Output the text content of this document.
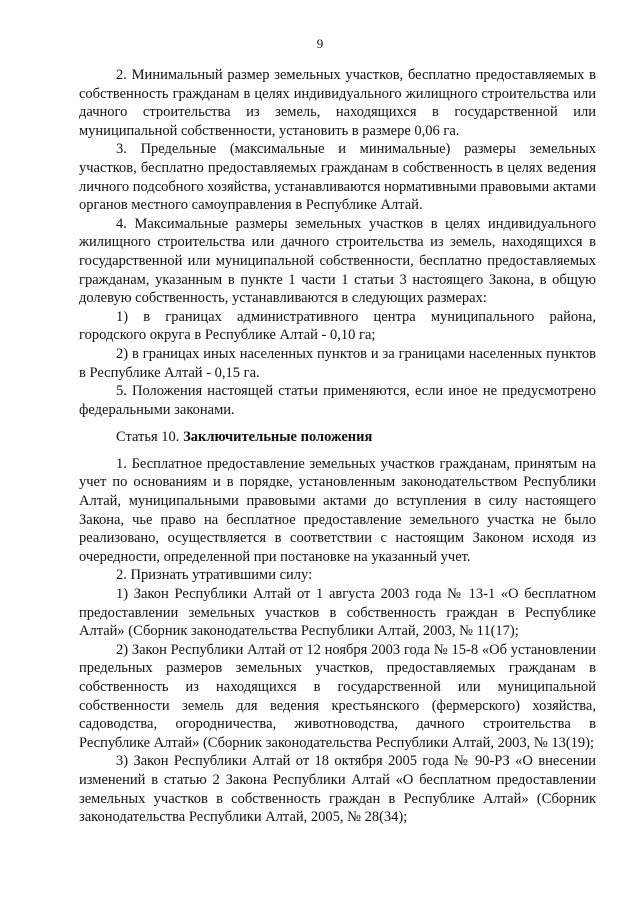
9

2. Минимальный размер земельных участков, бесплатно предоставляемых в собственность гражданам в целях индивидуального жилищного строительства или дачного строительства из земель, находящихся в государственной или муниципальной собственности, установить в размере 0,06 га.

3. Предельные (максимальные и минимальные) размеры земельных участков, бесплатно предоставляемых гражданам в собственность в целях ведения личного подсобного хозяйства, устанавливаются нормативными правовыми актами органов местного самоуправления в Республике Алтай.

4. Максимальные размеры земельных участков в целях индивидуального жилищного строительства или дачного строительства из земель, находящихся в государственной или муниципальной собственности, бесплатно предоставляемых гражданам, указанным в пункте 1 части 1 статьи 3 настоящего Закона, в общую долевую собственность, устанавливаются в следующих размерах:

1) в границах административного центра муниципального района, городского округа в Республике Алтай - 0,10 га;

2) в границах иных населенных пунктов и за границами населенных пунктов в Республике Алтай - 0,15 га.

5. Положения настоящей статьи применяются, если иное не предусмотрено федеральными законами.

Статья 10. Заключительные положения

1. Бесплатное предоставление земельных участков гражданам, принятым на учет по основаниям и в порядке, установленным законодательством Республики Алтай, муниципальными правовыми актами до вступления в силу настоящего Закона, чье право на бесплатное предоставление земельного участка не было реализовано, осуществляется в соответствии с настоящим Законом исходя из очередности, определенной при постановке на указанный учет.

2. Признать утратившими силу:

1) Закон Республики Алтай от 1 августа 2003 года № 13-1 «О бесплатном предоставлении земельных участков в собственность граждан в Республике Алтай» (Сборник законодательства Республики Алтай, 2003, № 11(17);

2) Закон Республики Алтай от 12 ноября 2003 года № 15-8 «Об установлении предельных размеров земельных участков, предоставляемых гражданам в собственность из находящихся в государственной или муниципальной собственности земель для ведения крестьянского (фермерского) хозяйства, садоводства, огородничества, животноводства, дачного строительства в Республике Алтай» (Сборник законодательства Республики Алтай, 2003, № 13(19);

3) Закон Республики Алтай от 18 октября 2005 года № 90-РЗ «О внесении изменений в статью 2 Закона Республики Алтай «О бесплатном предоставлении земельных участков в собственность граждан в Республике Алтай» (Сборник законодательства Республики Алтай, 2005, № 28(34);
